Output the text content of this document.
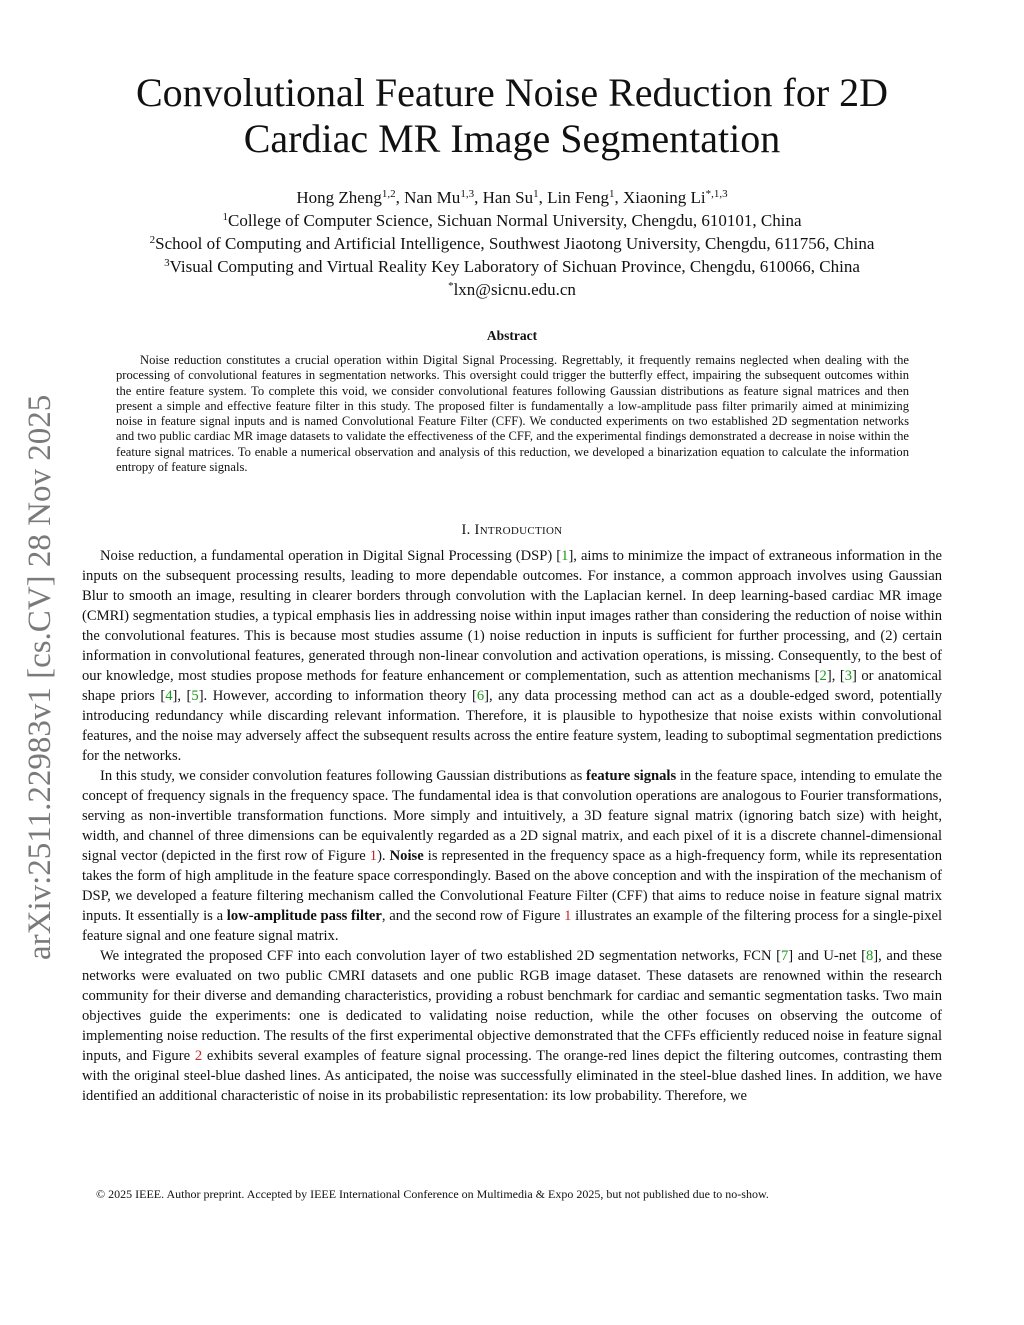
arXiv:2511.22983v1 [cs.CV] 28 Nov 2025
Convolutional Feature Noise Reduction for 2D Cardiac MR Image Segmentation
Hong Zheng$^{1,2}$, Nan Mu$^{1,3}$, Han Su$^1$, Lin Feng$^1$, Xiaoning $Li^{*,1,3}$
$^1$College of Computer Science, Sichuan Normal University, Chengdu, 610101, China
$^2$School of Computing and Artificial Intelligence, Southwest Jiaotong University, Chengdu, 611756, China
$^3$Visual Computing and Virtual Reality Key Laboratory of Sichuan Province, Chengdu, 610066, China
*lxn@sicnu.edu.cn
Abstract

Noise reduction constitutes a crucial operation within Digital Signal Processing. Regrettably, it frequently remains neglected when dealing with the processing of convolutional features in segmentation networks. This oversight could trigger the butterfly effect, impairing the subsequent outcomes within the entire feature system. To complete this void, we consider convolutional features following Gaussian distributions as feature signal matrices and then present a simple and effective feature filter in this study. The proposed filter is fundamentally a low-amplitude pass filter primarily aimed at minimizing noise in feature signal inputs and is named Convolutional Feature Filter (CFF). We conducted experiments on two established 2D segmentation networks and two public cardiac MR image datasets to validate the effectiveness of the CFF, and the experimental findings demonstrated a decrease in noise within the feature signal matrices. To enable a numerical observation and analysis of this reduction, we developed a binarization equation to calculate the information entropy of feature signals.

I. INTRODUCTION

Noise reduction, a fundamental operation in Digital Signal Processing (DSP) [1], aims to minimize the impact of extraneous information in the inputs on the subsequent processing results, leading to more dependable outcomes. For instance, a common approach involves using Gaussian Blur to smooth an image, resulting in clearer borders through convolution with the Laplacian kernel. In deep learning-based cardiac MR image (CMRI) segmentation studies, a typical emphasis lies in addressing noise within input images rather than considering the reduction of noise within the convolutional features. This is because most studies assume (1) noise reduction in inputs is sufficient for further processing, and (2) certain information in convolutional features, generated through non-linear convolution and activation operations, is missing. Consequently, to the best of our knowledge, most studies propose methods for feature enhancement or complementation, such as attention mechanisms [2], [3] or anatomical shape priors [4], [5]. However, according to information theory [6], any data processing method can act as a double-edged sword, potentially introducing redundancy while discarding relevant information. Therefore, it is plausible to hypothesize that noise exists within convolutional features, and the noise may adversely affect the subsequent results across the entire feature system, leading to suboptimal segmentation predictions for the networks.

In this study, we consider convolution features following Gaussian distributions as feature signals in the feature space, intending to emulate the concept of frequency signals in the frequency space. The fundamental idea is that convolution operations are analogous to Fourier transformations, serving as non-invertible transformation functions. More simply and intuitively, a 3D feature signal matrix (ignoring batch size) with height, width, and channel of three dimensions can be equivalently regarded as a 2D signal matrix, and each pixel of it is a discrete channel-dimensional signal vector (depicted in the first row of Figure 1). Noise is represented in the frequency space as a high-frequency form, while its representation takes the form of high amplitude in the feature space correspondingly. Based on the above conception and with the inspiration of the mechanism of DSP, we developed a feature filtering mechanism called the Convolutional Feature Filter (CFF) that aims to reduce noise in feature signal matrix inputs. It essentially is a low-amplitude pass filter, and the second row of Figure 1 illustrates an example of the filtering process for a single-pixel feature signal and one feature signal matrix.

We integrated the proposed CFF into each convolution layer of two established 2D segmentation networks, FCN [7] and U-net [8], and these networks were evaluated on two public CMRI datasets and one public RGB image dataset. These datasets are renowned within the research community for their diverse and demanding characteristics, providing a robust benchmark for cardiac and semantic segmentation tasks. Two main objectives guide the experiments: one is dedicated to validating noise reduction, while the other focuses on observing the outcome of implementing noise reduction. The results of the first experimental objective demonstrated that the CFFs efficiently reduced noise in feature signal inputs, and Figure 2 exhibits several examples of feature signal processing. The orange-red lines depict the filtering outcomes, contrasting them with the original steel-blue dashed lines. As anticipated, the noise was successfully eliminated in the steel-blue dashed lines. In addition, we have identified an additional characteristic of noise in its probabilistic representation: its low probability. Therefore, we

© 2025 IEEE. Author preprint. Accepted by IEEE International Conference on Multimedia & Expo 2025, but not published due to no-show.
